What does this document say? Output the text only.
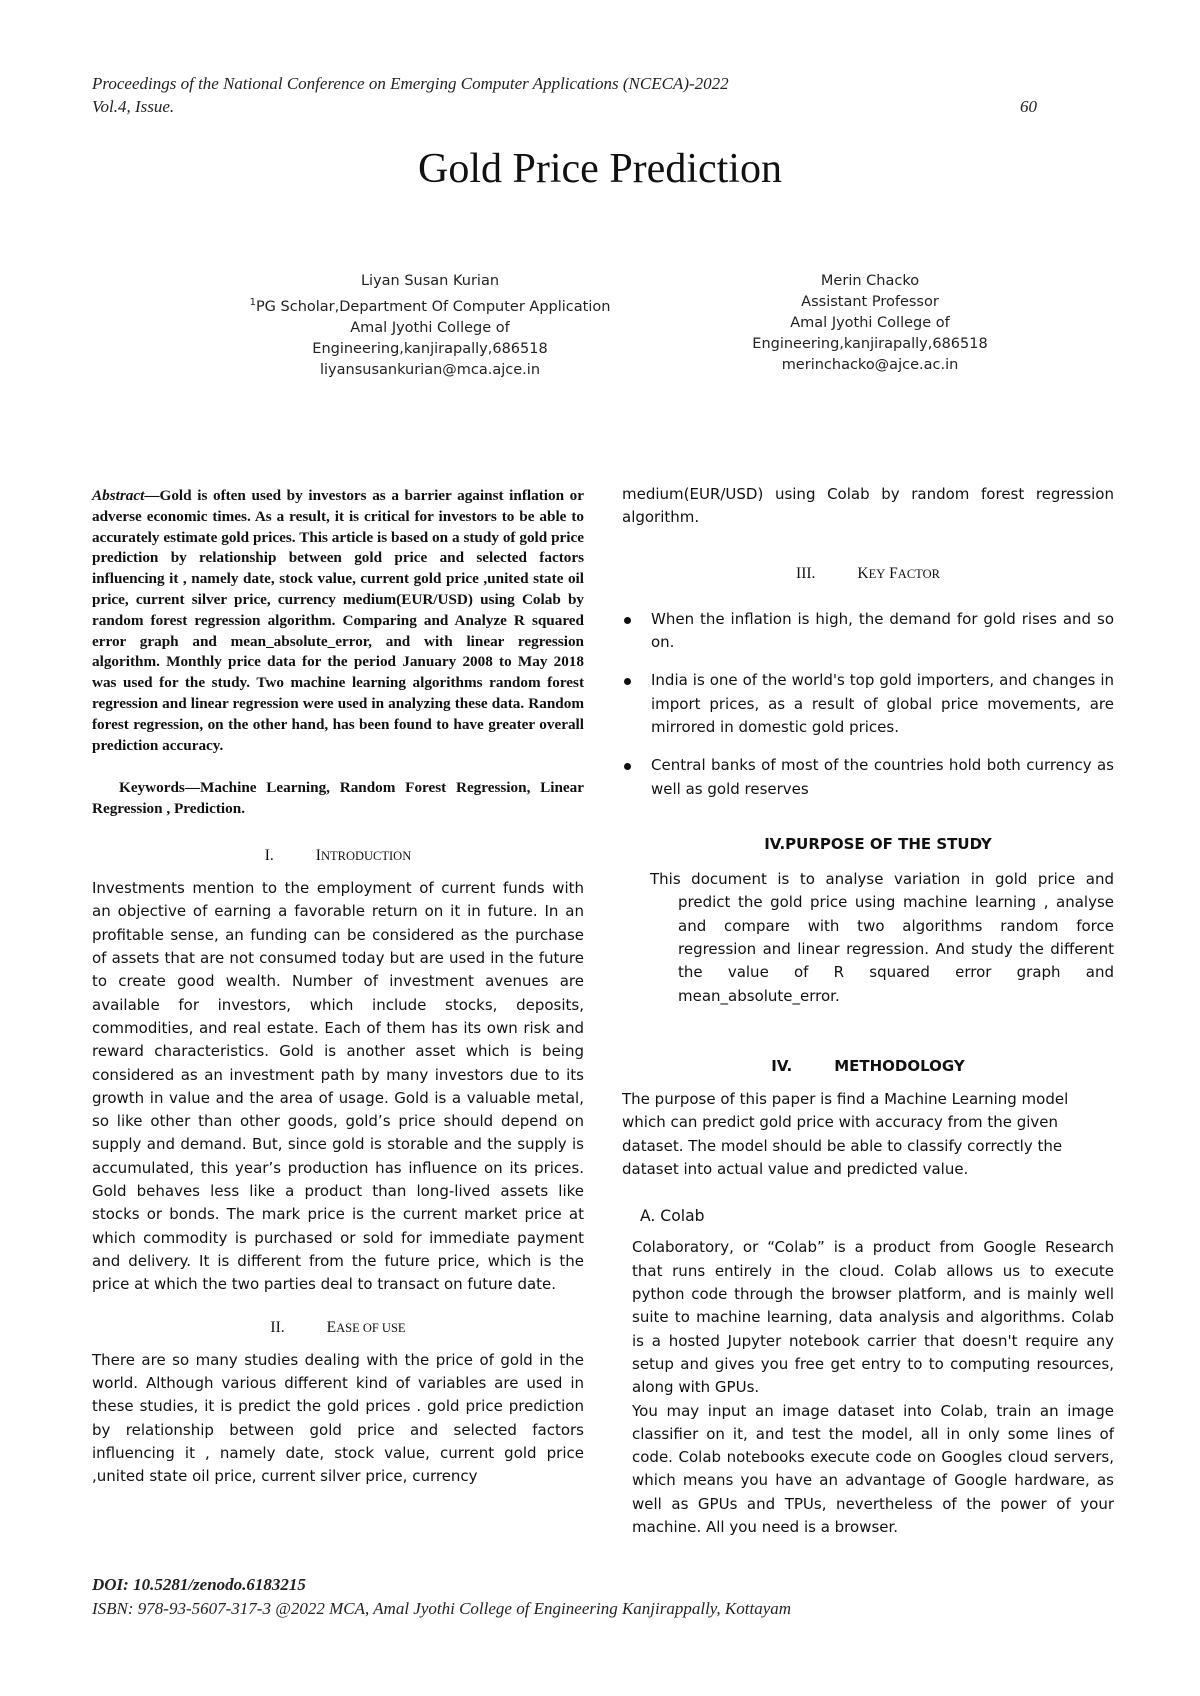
Proceedings of the National Conference on Emerging Computer Applications (NCECA)-2022
Vol.4, Issue.	60
Gold Price Prediction
Liyan Susan Kurian
$^1$PG Scholar,Department Of Computer Application
Amal Jyothi College of
Engineering,kanjirapally,686518
liyansusankurian@mca.ajce.in
Merin Chacko
Assistant Professor
Amal Jyothi College of
Engineering,kanjirapally,686518
merinchacko@ajce.ac.in

Abstract—Gold is often used by investors as a barrier against inflation or adverse economic times. As a result, it is critical for investors to be able to accurately estimate gold prices. This article is based on a study of gold price prediction by relationship between gold price and selected factors influencing it , namely date, stock value, current gold price ,united state oil price, current silver price, currency medium(EUR/USD) using Colab by random forest regression algorithm. Comparing and Analyze R squared error graph and mean_absolute_error, and with linear regression algorithm. Monthly price data for the period January 2008 to May 2018 was used for the study. Two machine learning algorithms random forest regression and linear regression were used in analyzing these data. Random forest regression, on the other hand, has been found to have greater overall prediction accuracy.

Keywords—Machine Learning, Random Forest Regression, Linear Regression , Prediction.

I.	INTRODUCTION

Investments mention to the employment of current funds with an objective of earning a favorable return on it in future. In an profitable sense, an funding can be considered as the purchase of assets that are not consumed today but are used in the future to create good wealth. Number of investment avenues are available for investors, which include stocks, deposits, commodities, and real estate. Each of them has its own risk and reward characteristics. Gold is another asset which is being considered as an investment path by many investors due to its growth in value and the area of usage. Gold is a valuable metal, so like other than other goods, gold’s price should depend on supply and demand. But, since gold is storable and the supply is accumulated, this year’s production has influence on its prices. Gold behaves less like a product than long-lived assets like stocks or bonds. The mark price is the current market price at which commodity is purchased or sold for immediate payment and delivery. It is different from the future price, which is the price at which the two parties deal to transact on future date.

II.	EASE OF USE

There are so many studies dealing with the price of gold in the world. Although various different kind of variables are used in these studies, it is predict the gold prices . gold price prediction by relationship between gold price and selected factors influencing it , namely date, stock value, current gold price ,united state oil price, current silver price, currency

medium(EUR/USD) using Colab by random forest regression algorithm.

III.	KEY FACTOR

When the inflation is high, the demand for gold rises and so on.
India is one of the world's top gold importers, and changes in import prices, as a result of global price movements, are mirrored in domestic gold prices.
Central banks of most of the countries hold both currency as well as gold reserves

IV.PURPOSE OF THE STUDY

This document is to analyse variation in gold price and predict the gold price using machine learning , analyse and compare with two algorithms random force regression and linear regression. And study the different the value of R squared error graph and mean_absolute_error.

IV.	METHODOLOGY

The purpose of this paper is find a Machine Learning model which can predict gold price with accuracy from the given dataset. The model should be able to classify correctly the dataset into actual value and predicted value.

A. Colab

Colaboratory, or “Colab” is a product from Google Research that runs entirely in the cloud. Colab allows us to execute python code through the browser platform, and is mainly well suite to machine learning, data analysis and algorithms. Colab is a hosted Jupyter notebook carrier that doesn't require any setup and gives you free get entry to to computing resources, along with GPUs.

You may input an image dataset into Colab, train an image classifier on it, and test the model, all in only some lines of code. Colab notebooks execute code on Googles cloud servers, which means you have an advantage of Google hardware, as well as GPUs and TPUs, nevertheless of the power of your machine. All you need is a browser.

DOI: 10.5281/zenodo.6183215
ISBN: 978-93-5607-317-3 @2022 MCA, Amal Jyothi College of Engineering Kanjirappally, Kottayam
